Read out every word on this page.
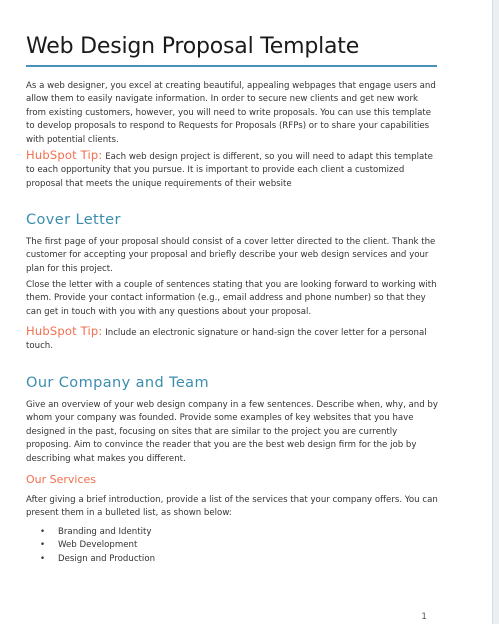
Web Design Proposal Template

As a web designer, you excel at creating beautiful, appealing webpages that engage users and allow them to easily navigate information. In order to secure new clients and get new work from existing customers, however, you will need to write proposals. You can use this template to develop proposals to respond to Requests for Proposals (RFPs) or to share your capabilities with potential clients.

HubSpot Tip: Each web design project is different, so you will need to adapt this template to each opportunity that you pursue. It is important to provide each client a customized proposal that meets the unique requirements of their website

Cover Letter

The first page of your proposal should consist of a cover letter directed to the client. Thank the customer for accepting your proposal and briefly describe your web design services and your plan for this project.

Close the letter with a couple of sentences stating that you are looking forward to working with them. Provide your contact information (e.g., email address and phone number) so that they can get in touch with you with any questions about your proposal.

HubSpot Tip: Include an electronic signature or hand-sign the cover letter for a personal touch.

Our Company and Team

Give an overview of your web design company in a few sentences. Describe when, why, and by whom your company was founded. Provide some examples of key websites that you have designed in the past, focusing on sites that are similar to the project you are currently proposing. Aim to convince the reader that you are the best web design firm for the job by describing what makes you different.

Our Services

After giving a brief introduction, provide a list of the services that your company offers. You can present them in a bulleted list, as shown below:

• Branding and Identity
• Web Development
• Design and Production
1
